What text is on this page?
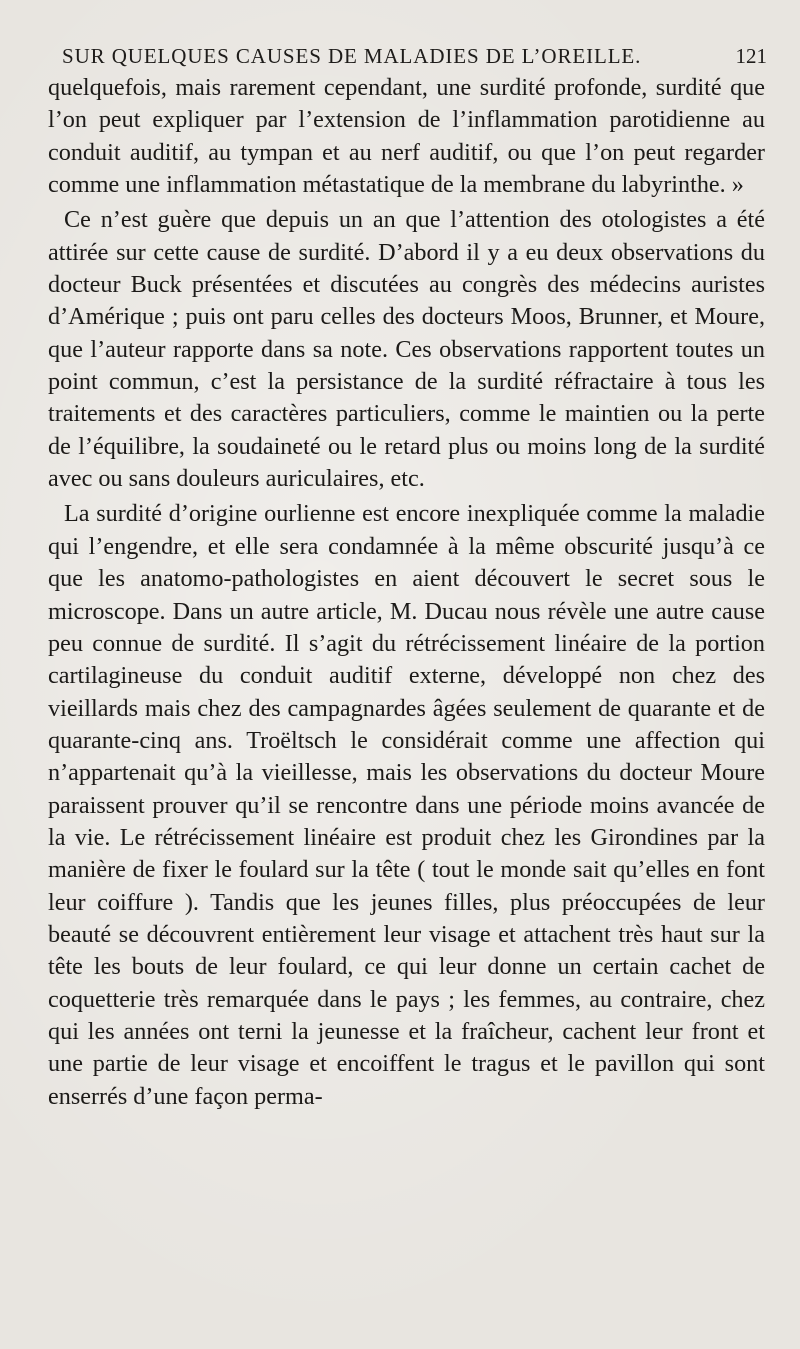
SUR QUELQUES CAUSES DE MALADIES DE L’OREILLE.	121

quelquefois, mais rarement cependant, une surdité profonde, surdité que l’on peut expliquer par l’extension de l’inflammation parotidienne au conduit auditif, au tympan et au nerf auditif, ou que l’on peut regarder comme une inflammation métastatique de la membrane du labyrinthe. »

Ce n’est guère que depuis un an que l’attention des otologistes a été attirée sur cette cause de surdité. D’abord il y a eu deux observations du docteur Buck présentées et discutées au congrès des médecins auristes d’Amérique ; puis ont paru celles des docteurs Moos, Brunner, et Moure, que l’auteur rapporte dans sa note. Ces observations rapportent toutes un point commun, c’est la persistance de la surdité réfractaire à tous les traitements et des caractères particuliers, comme le maintien ou la perte de l’équilibre, la soudaineté ou le retard plus ou moins long de la surdité avec ou sans douleurs auriculaires, etc.

La surdité d’origine ourlienne est encore inexpliquée comme la maladie qui l’engendre, et elle sera condamnée à la même obscurité jusqu’à ce que les anatomo-pathologistes en aient découvert le secret sous le microscope. Dans un autre article, M. Ducau nous révèle une autre cause peu connue de surdité. Il s’agit du rétrécissement linéaire de la portion cartilagineuse du conduit auditif externe, développé non chez des vieillards mais chez des campagnardes âgées seulement de quarante et de quarante-cinq ans. Troëltsch le considérait comme une affection qui n’appartenait qu’à la vieillesse, mais les observations du docteur Moure paraissent prouver qu’il se rencontre dans une période moins avancée de la vie. Le rétrécissement linéaire est produit chez les Girondines par la manière de fixer le foulard sur la tête ( tout le monde sait qu’elles en font leur coiffure ). Tandis que les jeunes filles, plus préoccupées de leur beauté se découvrent entièrement leur visage et attachent très haut sur la tête les bouts de leur foulard, ce qui leur donne un certain cachet de coquetterie très remarquée dans le pays ; les femmes, au contraire, chez qui les années ont terni la jeunesse et la fraîcheur, cachent leur front et une partie de leur visage et encoiffent le tragus et le pavillon qui sont enserrés d’une façon perma-
